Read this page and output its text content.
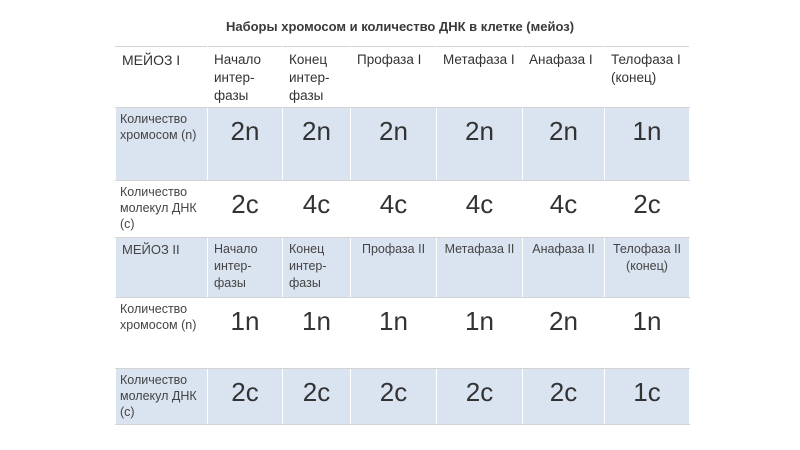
Наборы хромосом и количество ДНК в клетке (мейоз)
МЕЙОЗ I	Начало интер-фазы	Конец интер-фазы	Профаза I	Метафаза I	Анафаза I	Телофаза I (конец)
Количество хромосом (n)	2n	2n	2n	2n	2n	1n
Количество молекул ДНК (с)	2c	4c	4c	4c	4c	2c
МЕЙОЗ II	Начало интер-фазы	Конец интер-фазы	Профаза II	Метафаза II	Анафаза II	Телофаза II (конец)
Количество хромосом (n)	1n	1n	1n	1n	2n	1n
Количество молекул ДНК (с)	2c	2c	2c	2c	2c	1c
